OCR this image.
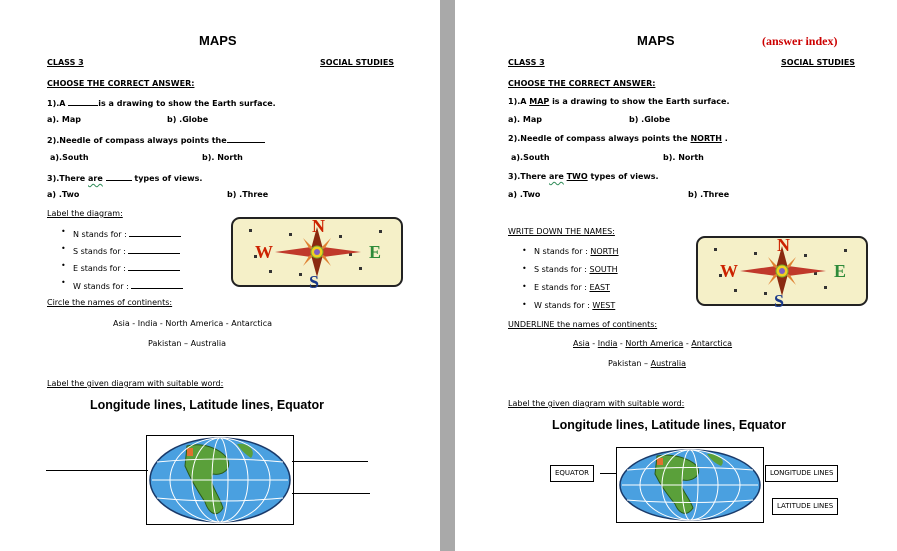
MAPS
CLASS 3	SOCIAL STUDIES
CHOOSE THE CORRECT ANSWER:
1).A	is a drawing to show the Earth surface.
a). Map	b) .Globe
2).Needle of compass always points the
a).South	b). North
3).There are	types of views.
a) .Two	b) .Three
Label the diagram:
• N stands for :
• S stands for :
• E stands for :
• W stands for :
N
S
E
W
Circle the names of continents:
Asia - India - North America - Antarctica
Pakistan – Australia
Label the given diagram with suitable word:
Longitude lines, Latitude lines, Equator
MAPS	(answer index)
CLASS 3	SOCIAL STUDIES
CHOOSE THE CORRECT ANSWER:
1).A MAP is a drawing to show the Earth surface.
a). Map	b) .Globe
2).Needle of compass always points the NORTH .
a).South	b). North
3).There are TWO types of views.
a) .Two	b) .Three
WRITE DOWN THE NAMES:
• N stands for : NORTH
• S stands for : SOUTH
• E stands for : EAST
• W stands for : WEST
N
S
E
W
UNDERLINE the names of continents:
Asia - India - North America - Antarctica
Pakistan – Australia
Label the given diagram with suitable word:
Longitude lines, Latitude lines, Equator
EQUATOR	LONGITUDE LINES
LATITUDE LINES
